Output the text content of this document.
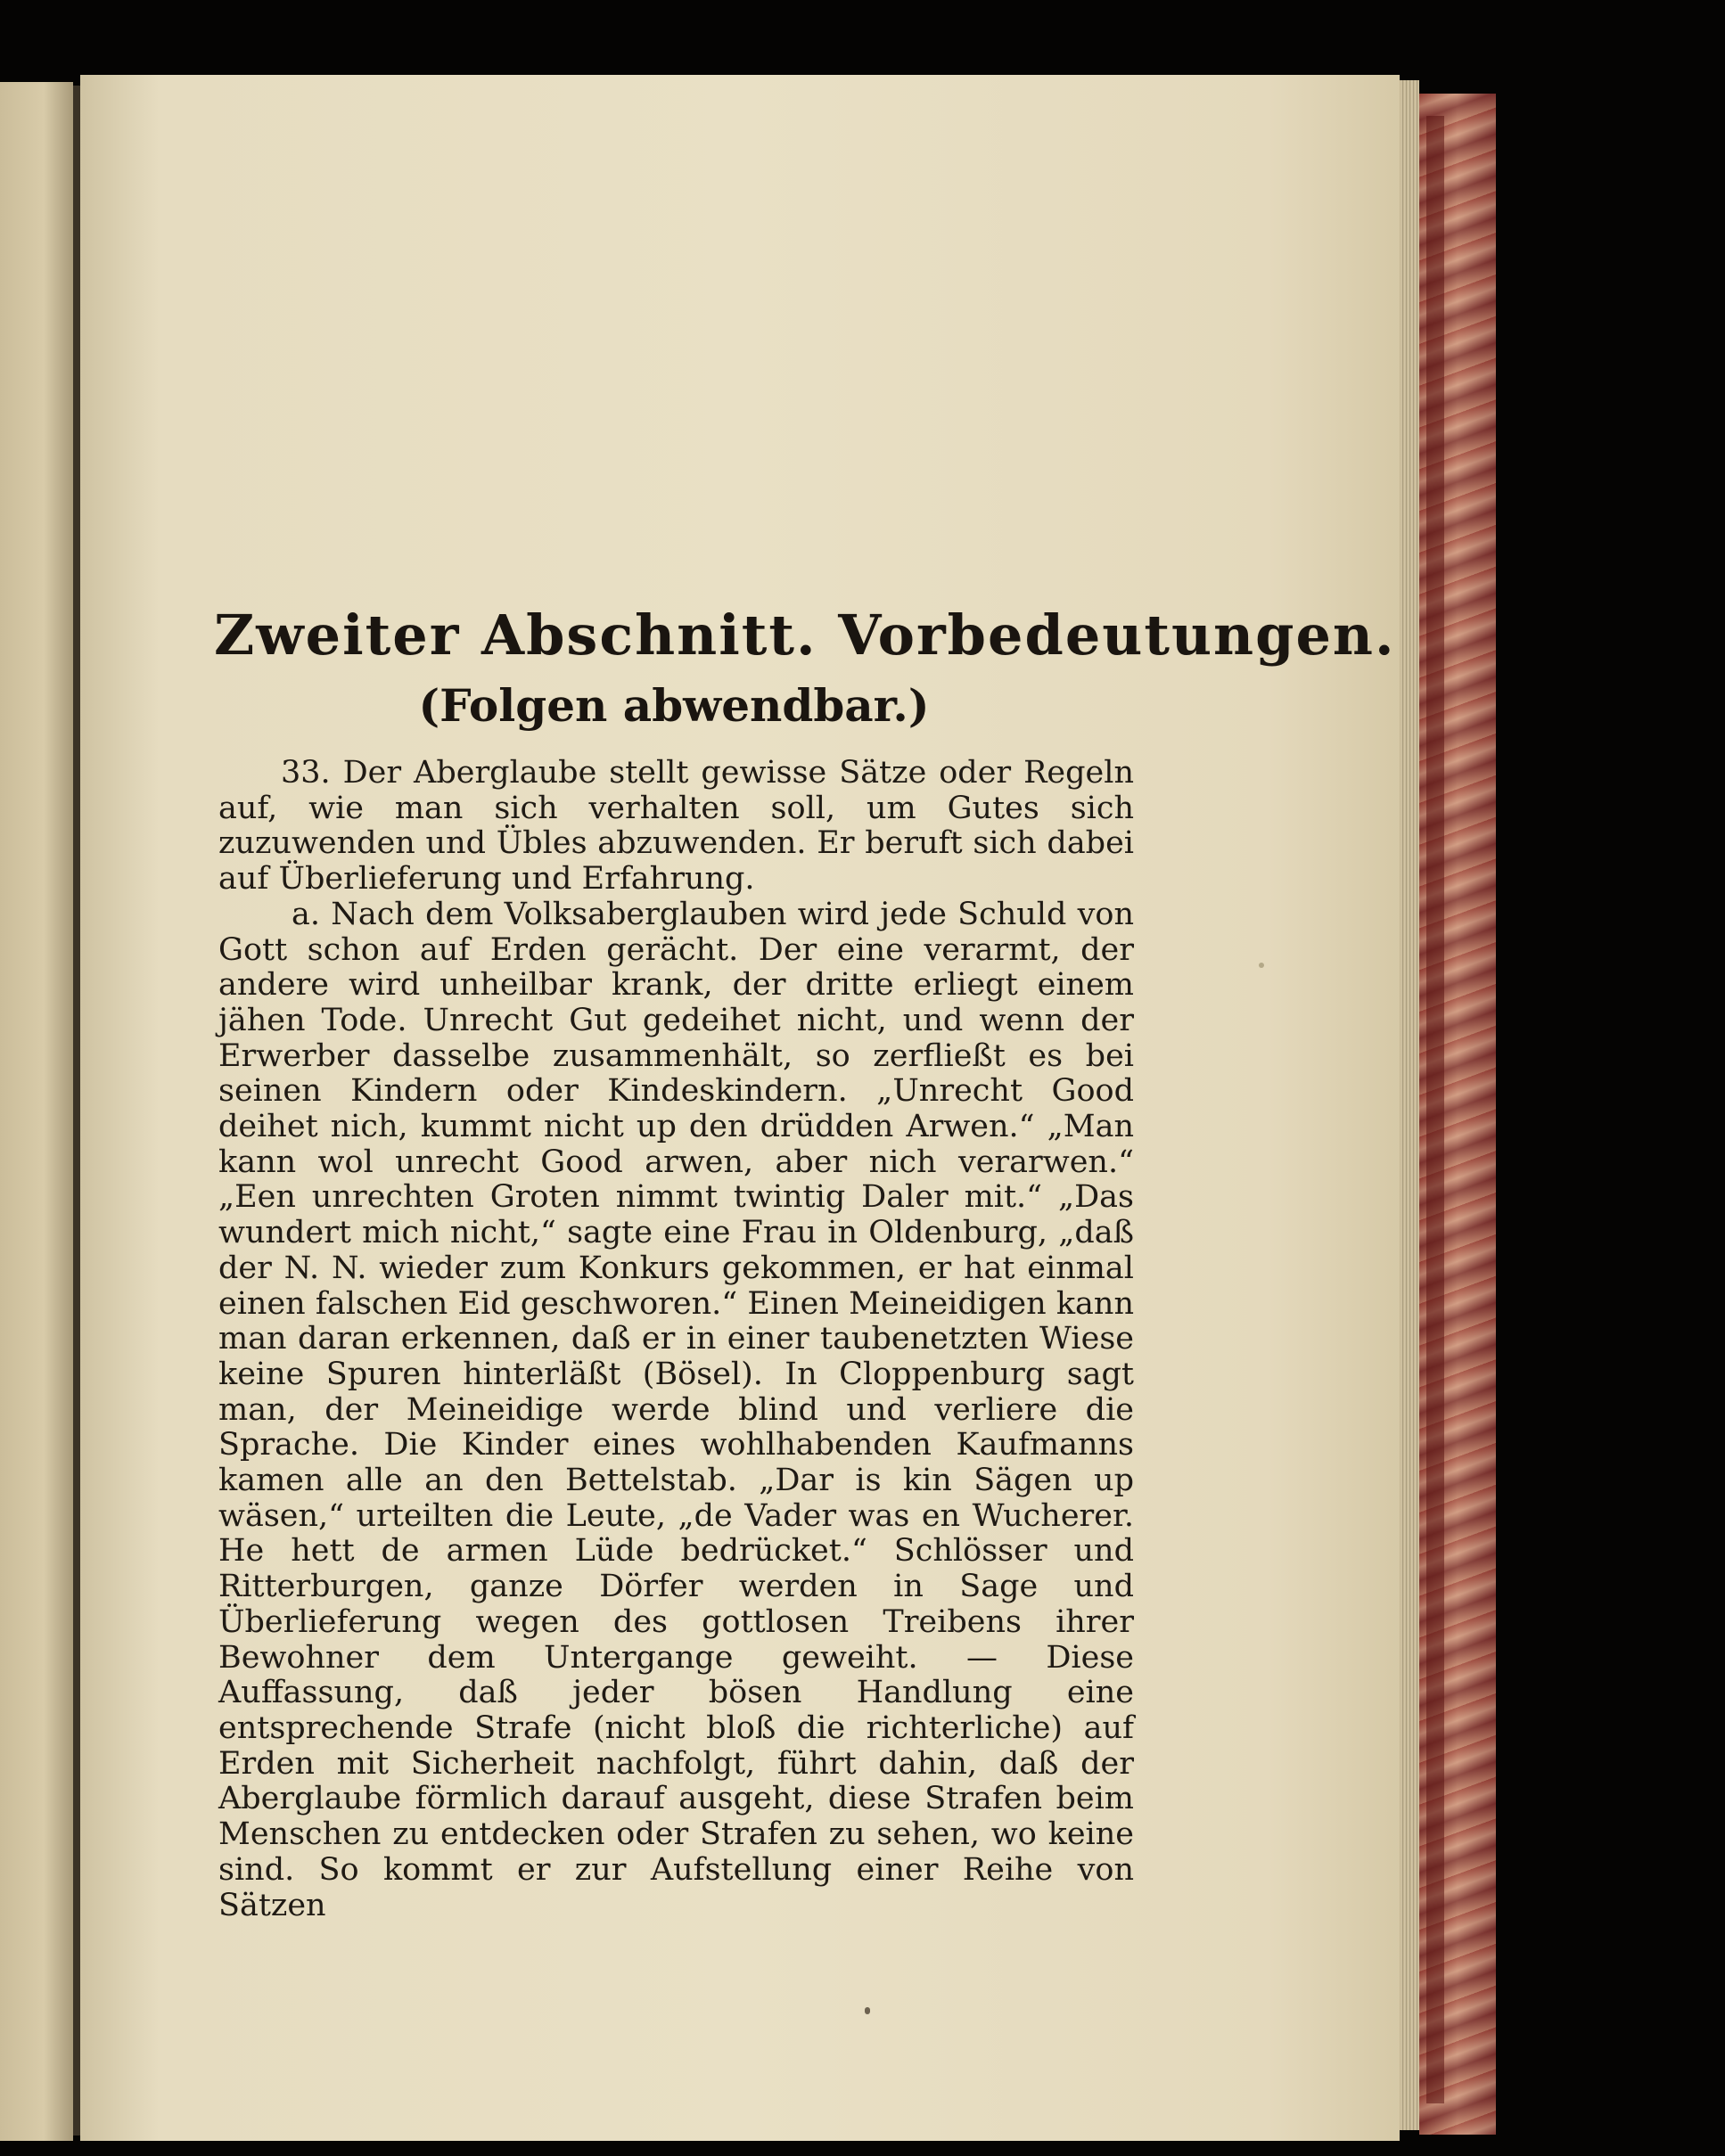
Zweiter Abschnitt. Vorbedeutungen.
(Folgen abwendbar.)

33. Der Aberglaube stellt gewisse Sätze oder Regeln auf, wie man sich verhalten soll, um Gutes sich zuzuwenden und Übles abzuwenden. Er beruft sich dabei auf Überlieferung und Erfahrung.

a. Nach dem Volksaberglauben wird jede Schuld von Gott schon auf Erden gerächt. Der eine verarmt, der andere wird unheilbar krank, der dritte erliegt einem jähen Tode. Unrecht Gut gedeihet nicht, und wenn der Erwerber dasselbe zusammenhält, so zerfließt es bei seinen Kindern oder Kindeskindern. „Unrecht Good deihet nich, kummt nicht up den drüdden Arwen.“ „Man kann wol unrecht Good arwen, aber nich verarwen.“ „Een unrechten Groten nimmt twintig Daler mit.“ „Das wundert mich nicht,“ sagte eine Frau in Oldenburg, „daß der N. N. wieder zum Konkurs gekommen, er hat einmal einen falschen Eid geschworen.“ Einen Meineidigen kann man daran erkennen, daß er in einer taubenetzten Wiese keine Spuren hinterläßt (Bösel). In Cloppenburg sagt man, der Meineidige werde blind und verliere die Sprache. Die Kinder eines wohlhabenden Kaufmanns kamen alle an den Bettelstab. „Dar is kin Sägen up wäsen,“ urteilten die Leute, „de Vader was en Wucherer. He hett de armen Lüde bedrücket.“ Schlösser und Ritterburgen, ganze Dörfer werden in Sage und Überlieferung wegen des gottlosen Treibens ihrer Bewohner dem Untergange geweiht. — Diese Auffassung, daß jeder bösen Handlung eine entsprechende Strafe (nicht bloß die richterliche) auf Erden mit Sicherheit nachfolgt, führt dahin, daß der Aberglaube förmlich darauf ausgeht, diese Strafen beim Menschen zu entdecken oder Strafen zu sehen, wo keine sind. So kommt er zur Aufstellung einer Reihe von Sätzen
